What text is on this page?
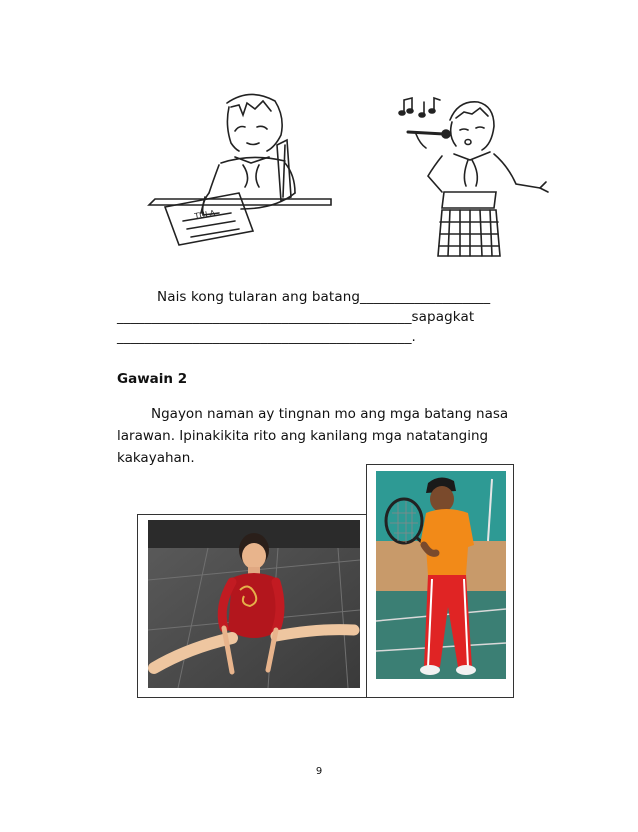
TULA
Nais kong tularan ang batang___________________
___________________________________________sapagkat
___________________________________________.
Gawain 2
Ngayon naman ay tingnan mo ang mga batang nasa
larawan. Ipinakikita rito ang kanilang mga natatanging
kakayahan.
9
